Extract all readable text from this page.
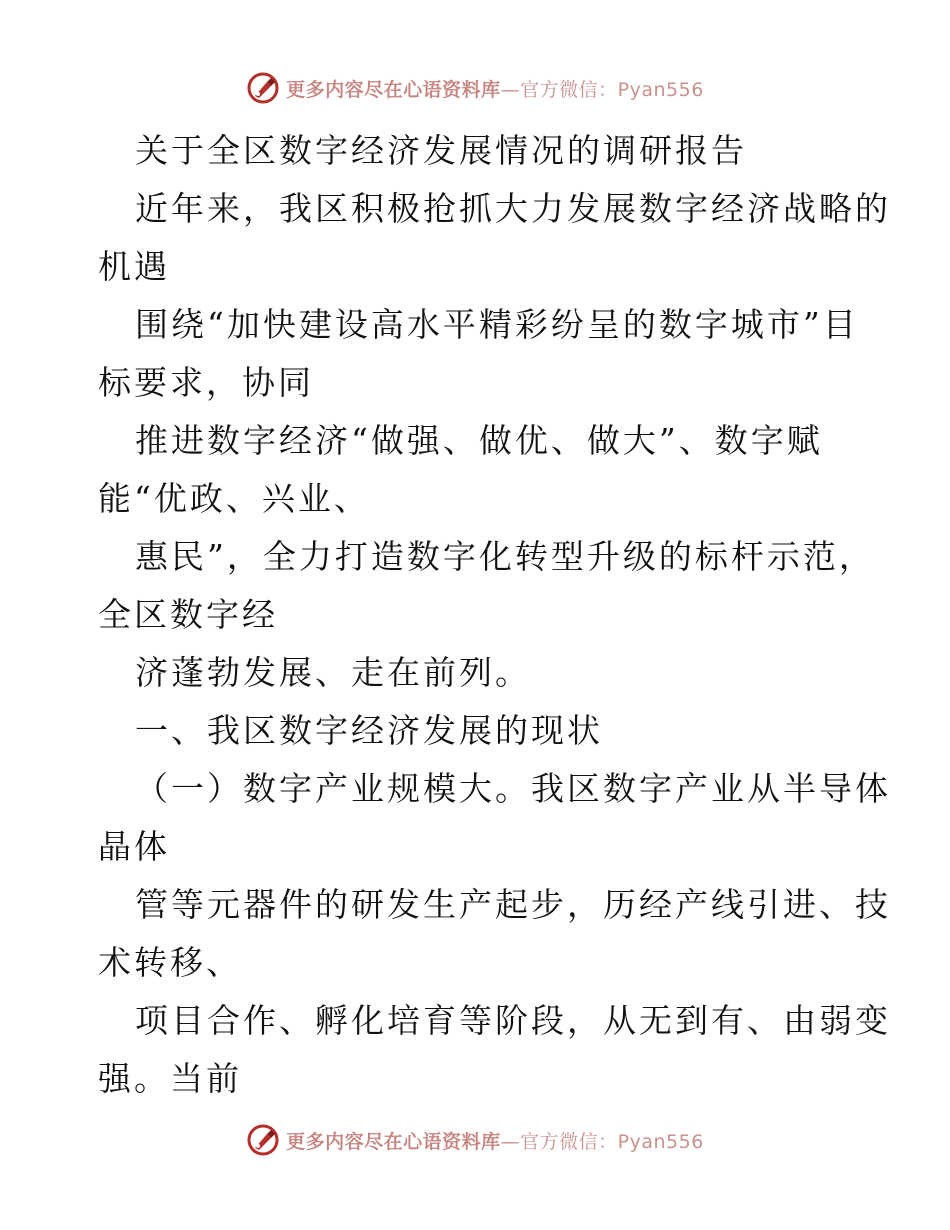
更多内容尽在心语资料库—官方微信：Pyan556
关于全区数字经济发展情况的调研报告
近年来，我区积极抢抓大力发展数字经济战略的
机遇
围绕“加快建设高水平精彩纷呈的数字城市”目
标要求，协同
推进数字经济“做强、做优、做大”、数字赋
能“优政、兴业、
惠民”，全力打造数字化转型升级的标杆示范，
全区数字经
济蓬勃发展、走在前列。
一、我区数字经济发展的现状
（一）数字产业规模大。我区数字产业从半导体
晶体
管等元器件的研发生产起步，历经产线引进、技
术转移、
项目合作、孵化培育等阶段，从无到有、由弱变
强。当前
更多内容尽在心语资料库—官方微信：Pyan556
